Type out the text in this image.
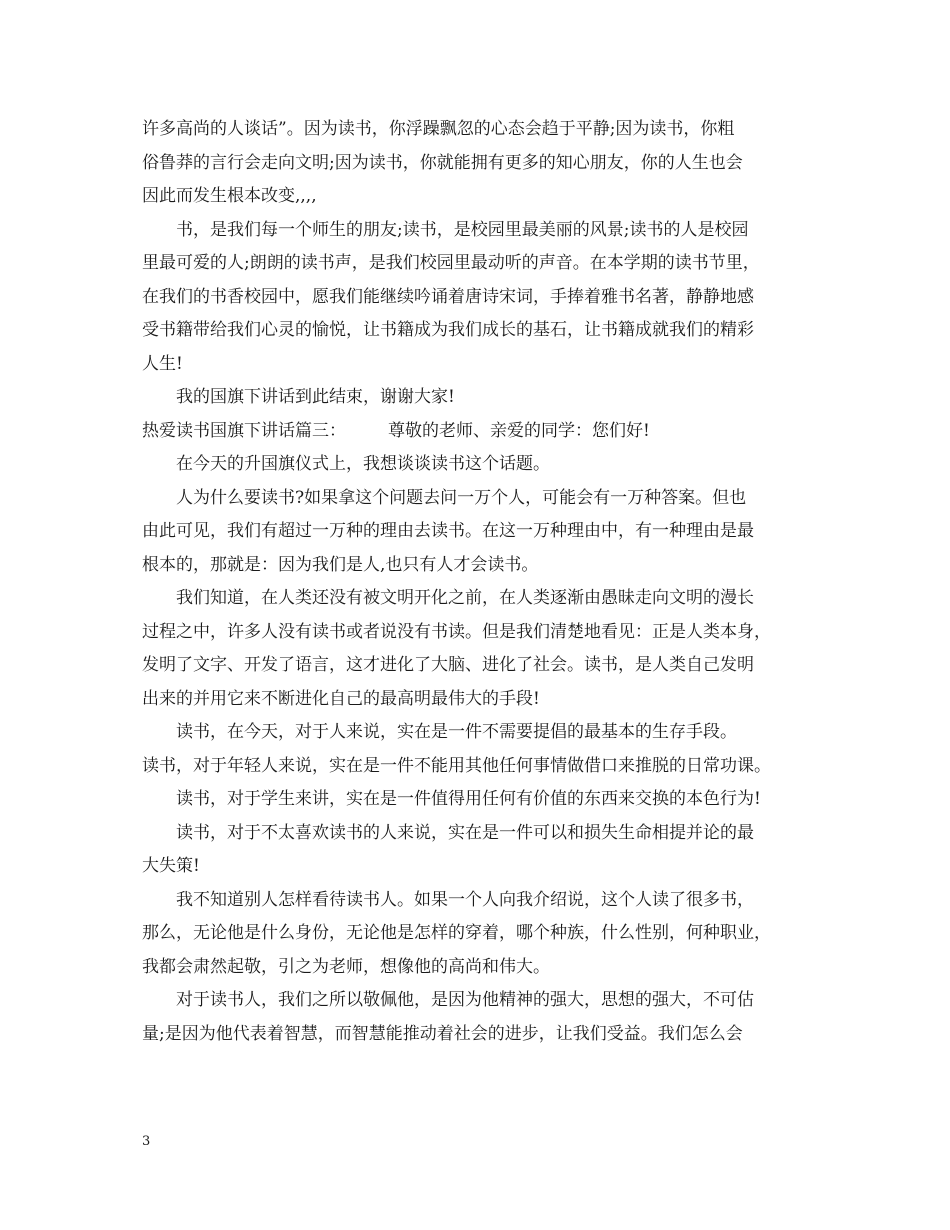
许多高尚的人谈话”。因为读书，你浮躁飘忽的心态会趋于平静;因为读书，你粗
俗鲁莽的言行会走向文明;因为读书，你就能拥有更多的知心朋友，你的人生也会
因此而发生根本改变,,,,
书，是我们每一个师生的朋友;读书，是校园里最美丽的风景;读书的人是校园
里最可爱的人;朗朗的读书声，是我们校园里最动听的声音。在本学期的读书节里，
在我们的书香校园中，愿我们能继续吟诵着唐诗宋词，手捧着雅书名著，静静地感
受书籍带给我们心灵的愉悦，让书籍成为我们成长的基石，让书籍成就我们的精彩
人生!
我的国旗下讲话到此结束，谢谢大家!
热爱读书国旗下讲话篇三： 尊敬的老师、亲爱的同学：您们好!
在今天的升国旗仪式上，我想谈谈读书这个话题。
人为什么要读书?如果拿这个问题去问一万个人，可能会有一万种答案。但也
由此可见，我们有超过一万种的理由去读书。在这一万种理由中，有一种理由是最
根本的，那就是：因为我们是人,也只有人才会读书。
我们知道，在人类还没有被文明开化之前，在人类逐渐由愚昧走向文明的漫长
过程之中，许多人没有读书或者说没有书读。但是我们清楚地看见：正是人类本身，
发明了文字、开发了语言，这才进化了大脑、进化了社会。读书，是人类自己发明
出来的并用它来不断进化自己的最高明最伟大的手段!
读书，在今天，对于人来说，实在是一件不需要提倡的最基本的生存手段。
读书，对于年轻人来说，实在是一件不能用其他任何事情做借口来推脱的日常功课。
读书，对于学生来讲，实在是一件值得用任何有价值的东西来交换的本色行为!
读书，对于不太喜欢读书的人来说，实在是一件可以和损失生命相提并论的最
大失策!
我不知道别人怎样看待读书人。如果一个人向我介绍说，这个人读了很多书，
那么，无论他是什么身份，无论他是怎样的穿着，哪个种族，什么性别，何种职业，
我都会肃然起敬，引之为老师，想像他的高尚和伟大。
对于读书人，我们之所以敬佩他，是因为他精神的强大，思想的强大，不可估
量;是因为他代表着智慧，而智慧能推动着社会的进步，让我们受益。我们怎么会
3
